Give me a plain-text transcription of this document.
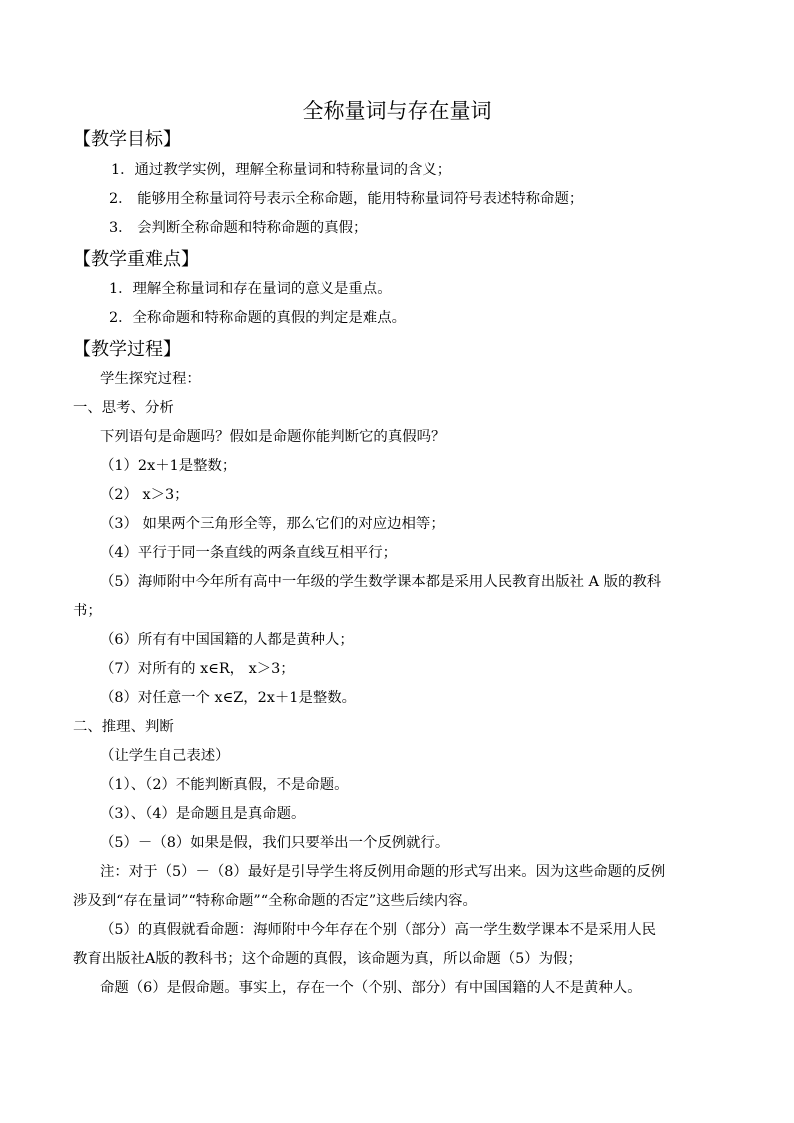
全称量词与存在量词
【教学目标】
1．通过教学实例，理解全称量词和特称量词的含义；
2． 能够用全称量词符号表示全称命题，能用特称量词符号表述特称命题；
3． 会判断全称命题和特称命题的真假；
【教学重难点】
1．理解全称量词和存在量词的意义是重点。
2．全称命题和特称命题的真假的判定是难点。
【教学过程】
学生探究过程：
一、思考、分析
下列语句是命题吗？假如是命题你能判断它的真假吗？
（1）2x＋1是整数；
（2） x＞3；
（3） 如果两个三角形全等，那么它们的对应边相等；
（4）平行于同一条直线的两条直线互相平行；
（5）海师附中今年所有高中一年级的学生数学课本都是采用人民教育出版社 A 版的教科
书；
（6）所有有中国国籍的人都是黄种人；
（7）对所有的 x∈R， x＞3；
（8）对任意一个 x∈Z，2x＋1是整数。
二、推理、判断
（让学生自己表述）
（1）、（2）不能判断真假，不是命题。
（3）、（4）是命题且是真命题。
（5）－（8）如果是假，我们只要举出一个反例就行。
注：对于（5）－（8）最好是引导学生将反例用命题的形式写出来。因为这些命题的反例
涉及到“存在量词”“特称命题”“全称命题的否定”这些后续内容。
（5）的真假就看命题：海师附中今年存在个别（部分）高一学生数学课本不是采用人民
教育出版社A版的教科书；这个命题的真假，该命题为真，所以命题（5）为假；
命题（6）是假命题。事实上，存在一个（个别、部分）有中国国籍的人不是黄种人。
